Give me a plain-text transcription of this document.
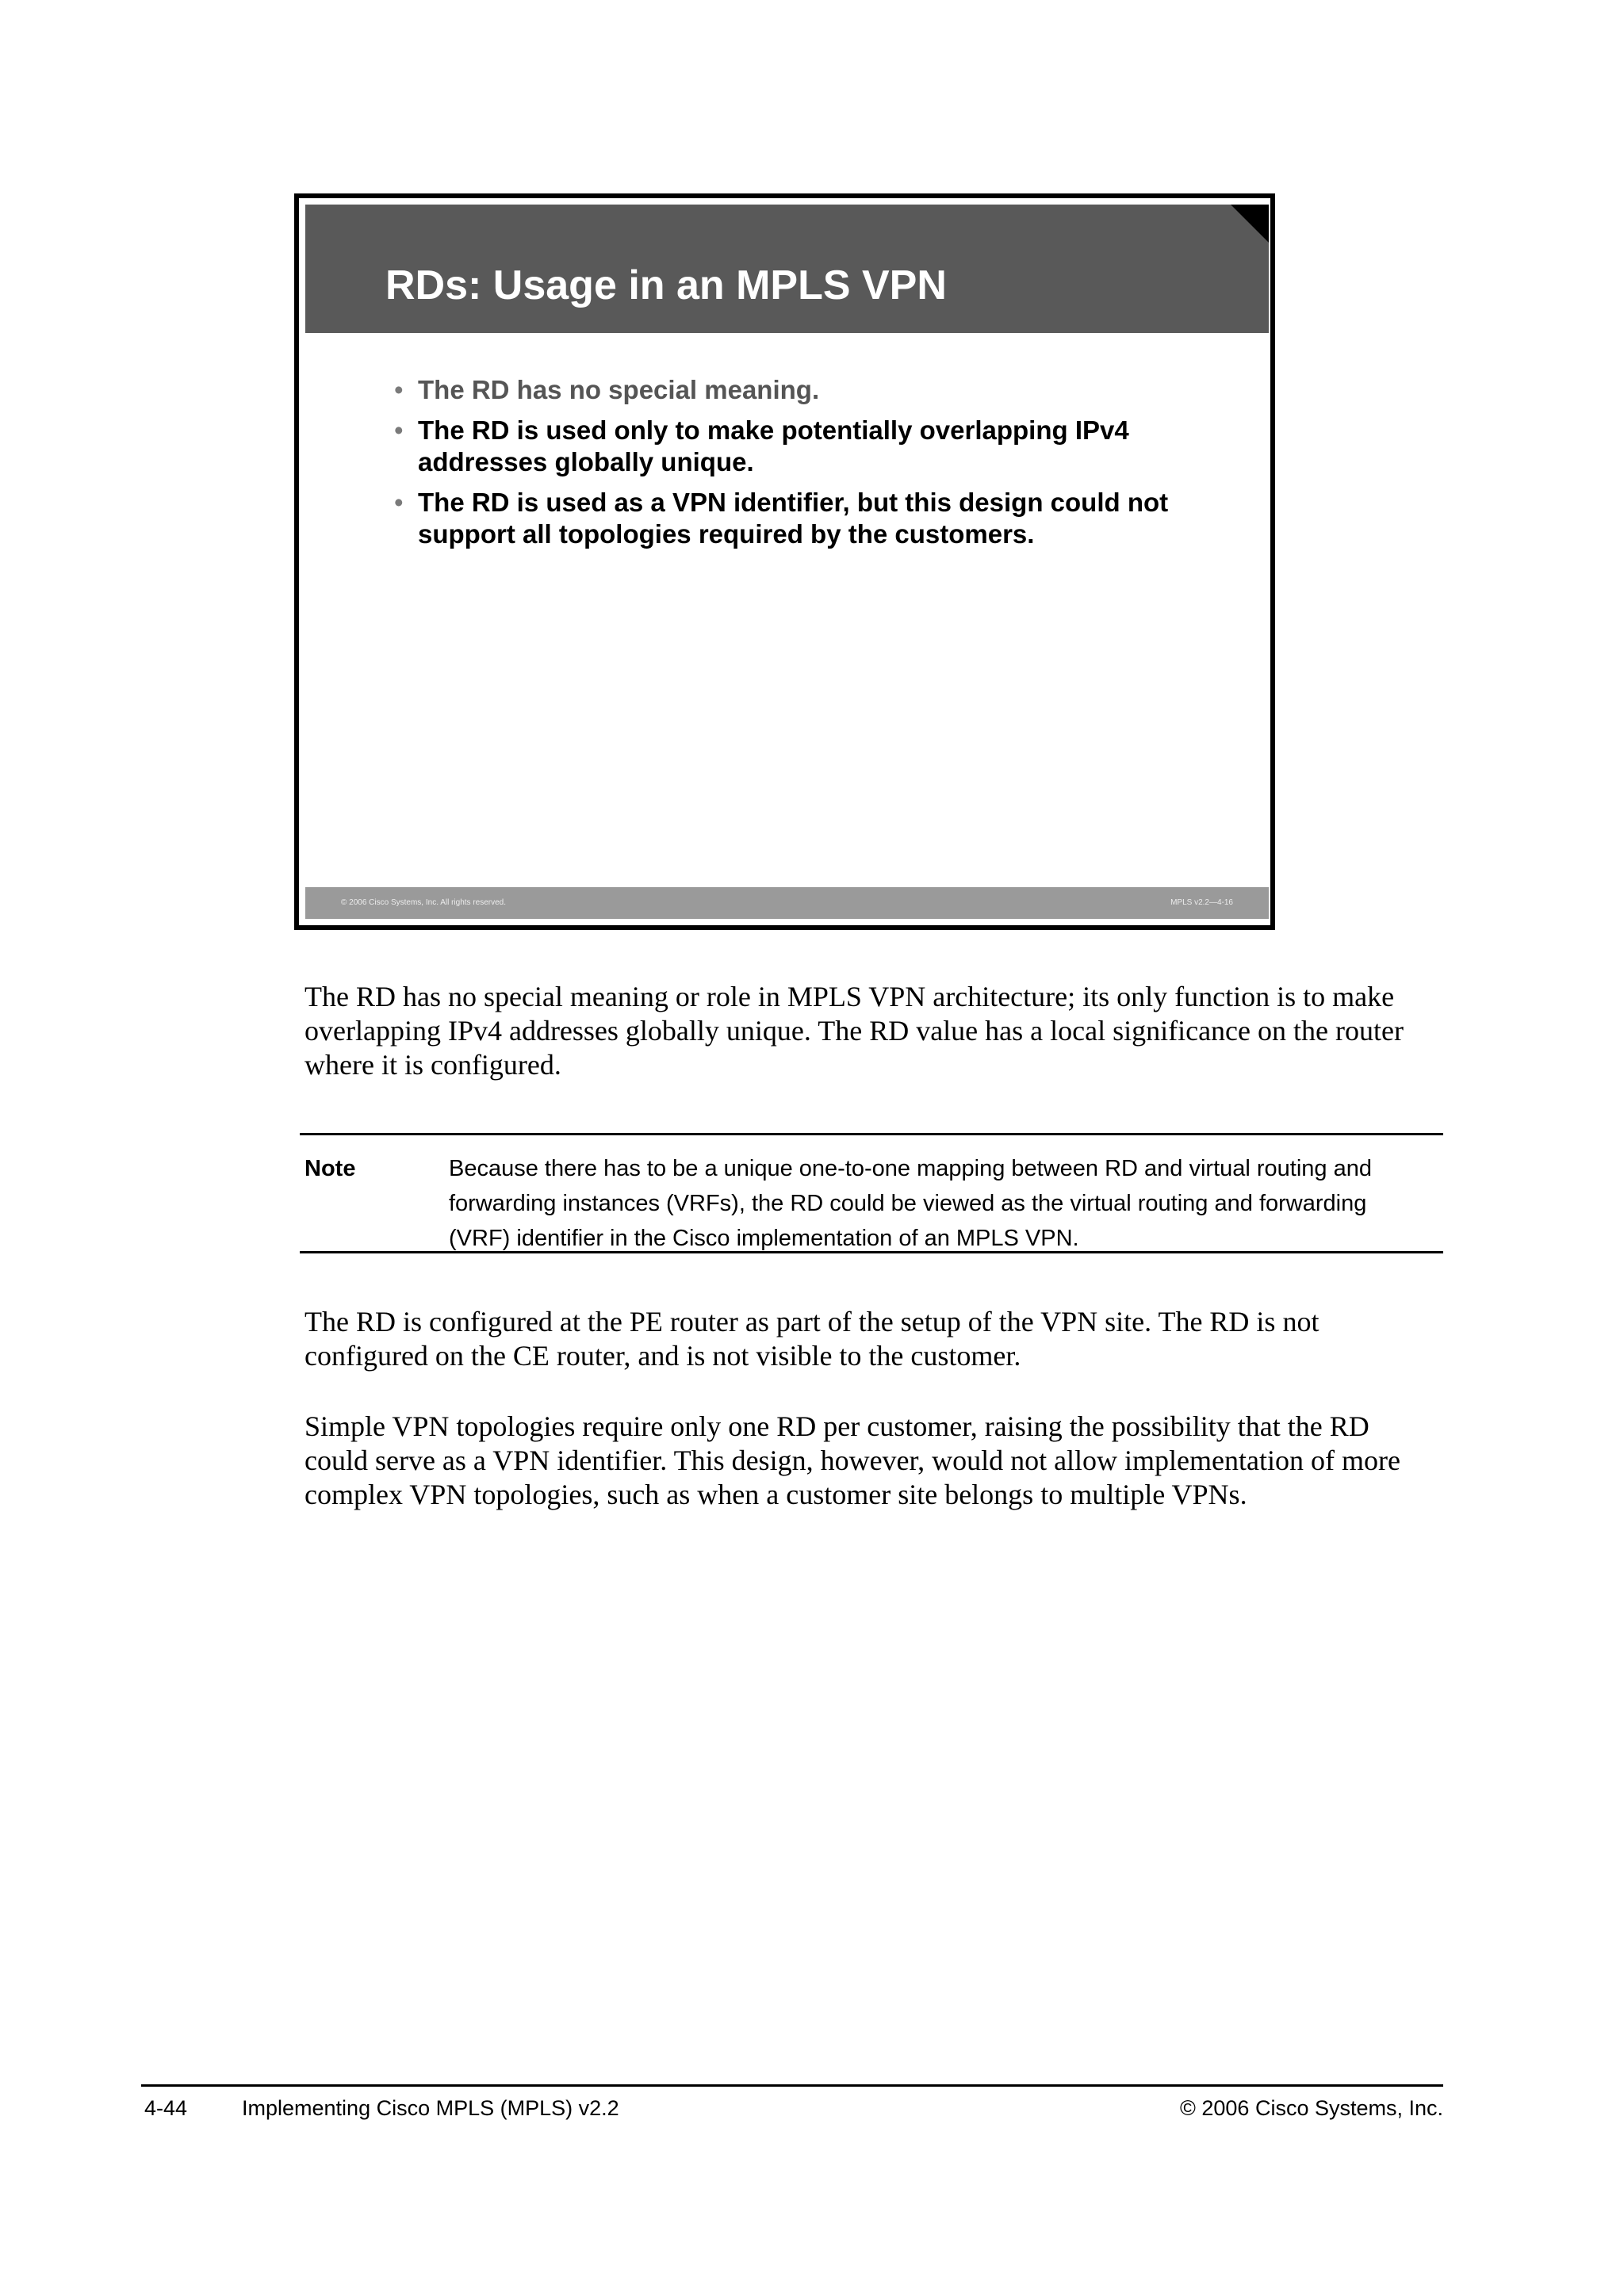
RDs: Usage in an MPLS VPN
• The RD has no special meaning.
• The RD is used only to make potentially overlapping IPv4 addresses globally unique.
• The RD is used as a VPN identifier, but this design could not support all topologies required by the customers.
© 2006 Cisco Systems, Inc. All rights reserved.	MPLS v2.2—4-16

The RD has no special meaning or role in MPLS VPN architecture; its only function is to make overlapping IPv4 addresses globally unique. The RD value has a local significance on the router where it is configured.

Note	Because there has to be a unique one-to-one mapping between RD and virtual routing and forwarding instances (VRFs), the RD could be viewed as the virtual routing and forwarding (VRF) identifier in the Cisco implementation of an MPLS VPN.

The RD is configured at the PE router as part of the setup of the VPN site. The RD is not configured on the CE router, and is not visible to the customer.

Simple VPN topologies require only one RD per customer, raising the possibility that the RD could serve as a VPN identifier. This design, however, would not allow implementation of more complex VPN topologies, such as when a customer site belongs to multiple VPNs.

4-44	Implementing Cisco MPLS (MPLS) v2.2	© 2006 Cisco Systems, Inc.
